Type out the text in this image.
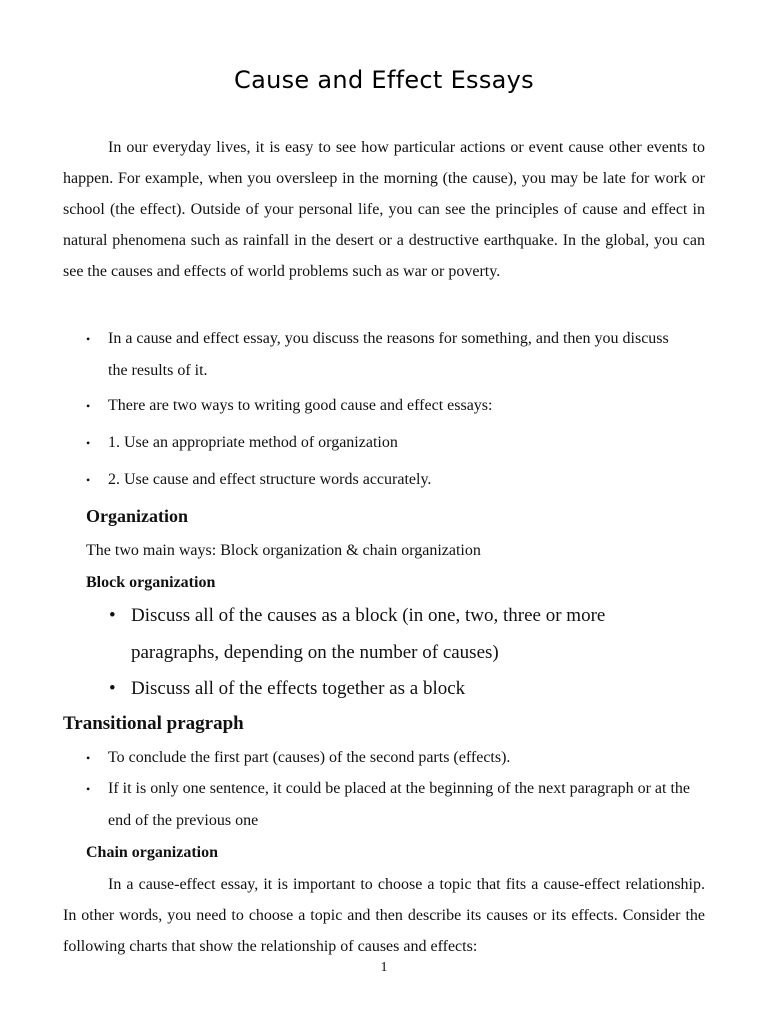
Cause and Effect Essays

In our everyday lives, it is easy to see how particular actions or event cause other events to happen. For example, when you oversleep in the morning (the cause), you may be late for work or school (the effect). Outside of your personal life, you can see the principles of cause and effect in natural phenomena such as rainfall in the desert or a destructive earthquake. In the global, you can see the causes and effects of world problems such as war or poverty.

• In a cause and effect essay, you discuss the reasons for something, and then you discuss the results of it.
• There are two ways to writing good cause and effect essays:
• 1. Use an appropriate method of organization
• 2. Use cause and effect structure words accurately.
Organization
The two main ways: Block organization & chain organization
Block organization
• Discuss all of the causes as a block (in one, two, three or more paragraphs, depending on the number of causes)
• Discuss all of the effects together as a block
Transitional pragraph
• To conclude the first part (causes) of the second parts (effects).
• If it is only one sentence, it could be placed at the beginning of the next paragraph or at the end of the previous one
Chain organization

In a cause-effect essay, it is important to choose a topic that fits a cause-effect relationship. In other words, you need to choose a topic and then describe its causes or its effects. Consider the following charts that show the relationship of causes and effects:

1
